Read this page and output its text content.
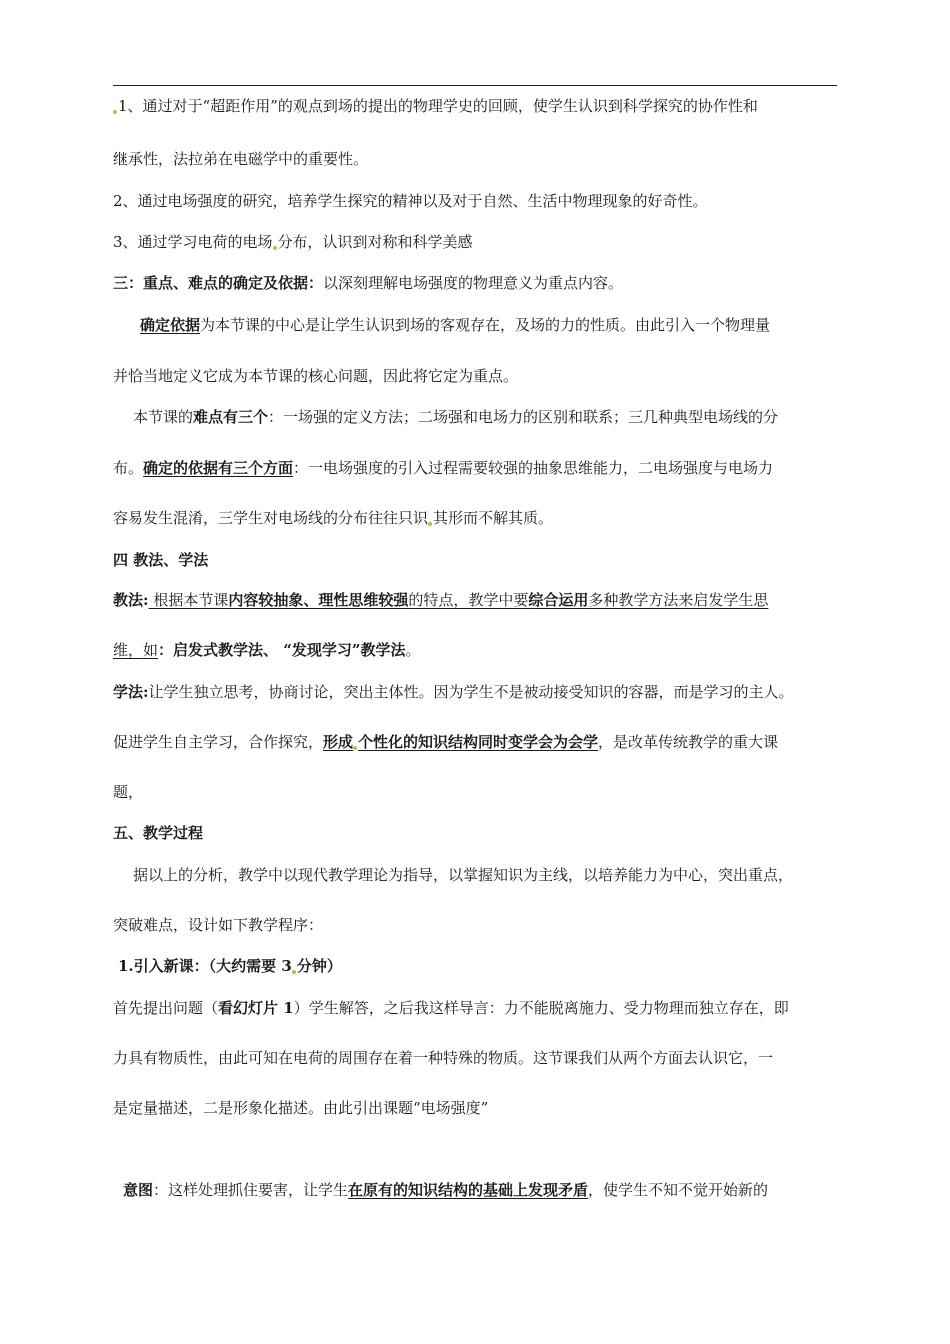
1、通过对于“超距作用”的观点到场的提出的物理学史的回顾，使学生认识到科学探究的协作性和
继承性，法拉弟在电磁学中的重要性。
2、通过电场强度的研究，培养学生探究的精神以及对于自然、生活中物理现象的好奇性。
3、通过学习电荷的电场 分布，认识到对称和科学美感
三：重点、难点的确定及依据：以深刻理解电场强度的物理意义为重点内容。
确定依据为本节课的中心是让学生认识到场的客观存在，及场的力的性质。由此引入一个物理量
并恰当地定义它成为本节课的核心问题，因此将它定为重点。
本节课的难点有三个：一场强的定义方法；二场强和电场力的区别和联系；三几种典型电场线的分
布。确定的依据有三个方面：一电场强度的引入过程需要较强的抽象思维能力，二电场强度与电场力
容易发生混淆，三学生对电场线的分布往往只识 其形而不解其质。
四 教法、学法
教法: 根据本节课内容较抽象、理性思维较强的特点，教学中要综合运用多种教学方法来启发学生思
维，如：启发式教学法、 “发现学习”教学法。
学法:让学生独立思考，协商讨论，突出主体性。因为学生不是被动接受知识的容器，而是学习的主人。
促进学生自主学习，合作探究，形成 个性化的知识结构同时变学会为会学，是改革传统教学的重大课
题，
五、教学过程
据以上的分析，教学中以现代教学理论为指导，以掌握知识为主线，以培养能力为中心，突出重点，
突破难点，设计如下教学程序：
1.引入新课：（大约需要 3 分钟）
首先提出问题（看幻灯片 1）学生解答，之后我这样导言：力不能脱离施力、受力物理而独立存在，即
力具有物质性，由此可知在电荷的周围存在着一种特殊的物质。这节课我们从两个方面去认识它，一
是定量描述，二是形象化描述。由此引出课题“电场强度”
意图：这样处理抓住要害，让学生在原有的知识结构的基础上发现矛盾，使学生不知不觉开始新的
